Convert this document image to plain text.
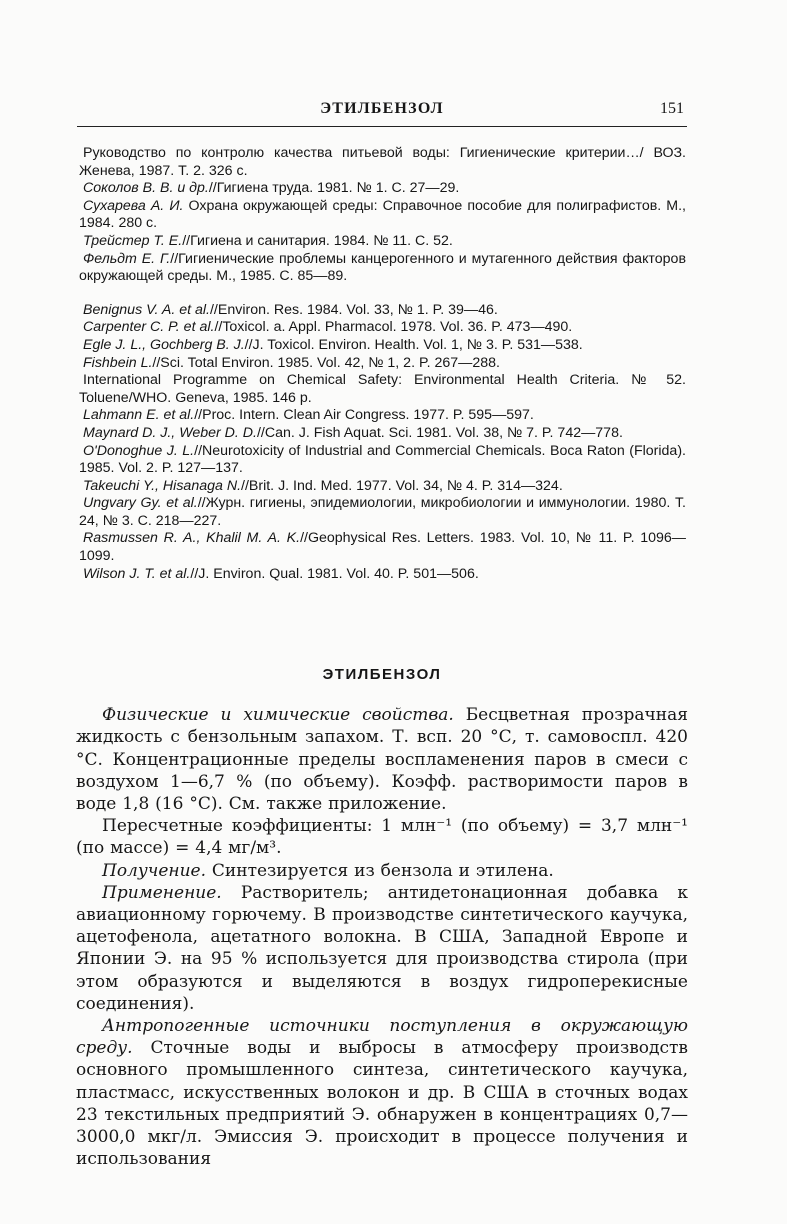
ЭТИЛБЕНЗОЛ	151

Руководство по контролю качества питьевой воды: Гигиенические критерии…/ ВОЗ. Женева, 1987. Т. 2. 326 с.

Соколов В. В. и др.//Гигиена труда. 1981. № 1. С. 27—29.

Сухарева А. И. Охрана окружающей среды: Справочное пособие для полиграфистов. М., 1984. 280 с.

Трейстер Т. Е.//Гигиена и санитария. 1984. № 11. С. 52.

Фельдт Е. Г.//Гигиенические проблемы канцерогенного и мутагенного действия факторов окружающей среды. М., 1985. С. 85—89.

Benignus V. A. et al.//Environ. Res. 1984. Vol. 33, № 1. P. 39—46.

Carpenter C. P. et al.//Toxicol. a. Appl. Pharmacol. 1978. Vol. 36. P. 473—490.

Egle J. L., Gochberg B. J.//J. Toxicol. Environ. Health. Vol. 1, № 3. P. 531—538.

Fishbein L.//Sci. Total Environ. 1985. Vol. 42, № 1, 2. P. 267—288.

International Programme on Chemical Safety: Environmental Health Criteria. № 52. Toluene/WHO. Geneva, 1985. 146 p.

Lahmann E. et al.//Proc. Intern. Clean Air Congress. 1977. P. 595—597.

Maynard D. J., Weber D. D.//Can. J. Fish Aquat. Sci. 1981. Vol. 38, № 7. P. 742—778.

O'Donoghue J. L.//Neurotoxicity of Industrial and Commercial Chemicals. Boca Raton (Florida). 1985. Vol. 2. P. 127—137.

Takeuchi Y., Hisanaga N.//Brit. J. Ind. Med. 1977. Vol. 34, № 4. P. 314—324.

Ungvary Gy. et al.//Журн. гигиены, эпидемиологии, микробиологии и иммунологии. 1980. Т. 24, № 3. С. 218—227.

Rasmussen R. A., Khalil M. A. K.//Geophysical Res. Letters. 1983. Vol. 10, № 11. P. 1096—1099.

Wilson J. T. et al.//J. Environ. Qual. 1981. Vol. 40. P. 501—506.

ЭТИЛБЕНЗОЛ

Физические и химические свойства. Бесцветная прозрачная жидкость с бензольным запахом. Т. всп. 20 °С, т. самовоспл. 420 °С. Концентрационные пределы воспламенения паров в смеси с воздухом 1—6,7 % (по объему). Коэфф. растворимости паров в воде 1,8 (16 °С). См. также приложение.

Пересчетные коэффициенты: 1 млн⁻¹ (по объему) = 3,7 млн⁻¹ (по массе) = 4,4 мг/м³.

Получение. Синтезируется из бензола и этилена.

Применение. Растворитель; антидетонационная добавка к авиационному горючему. В производстве синтетического каучука, ацетофенола, ацетатного волокна. В США, Западной Европе и Японии Э. на 95 % используется для производства стирола (при этом образуются и выделяются в воздух гидроперекисные соединения).

Антропогенные источники поступления в окружающую среду. Сточные воды и выбросы в атмосферу производств основного промышленного синтеза, синтетического каучука, пластмасс, искусственных волокон и др. В США в сточных водах 23 текстильных предприятий Э. обнаружен в концентрациях 0,7—3000,0 мкг/л. Эмиссия Э. происходит в процессе получения и использования
